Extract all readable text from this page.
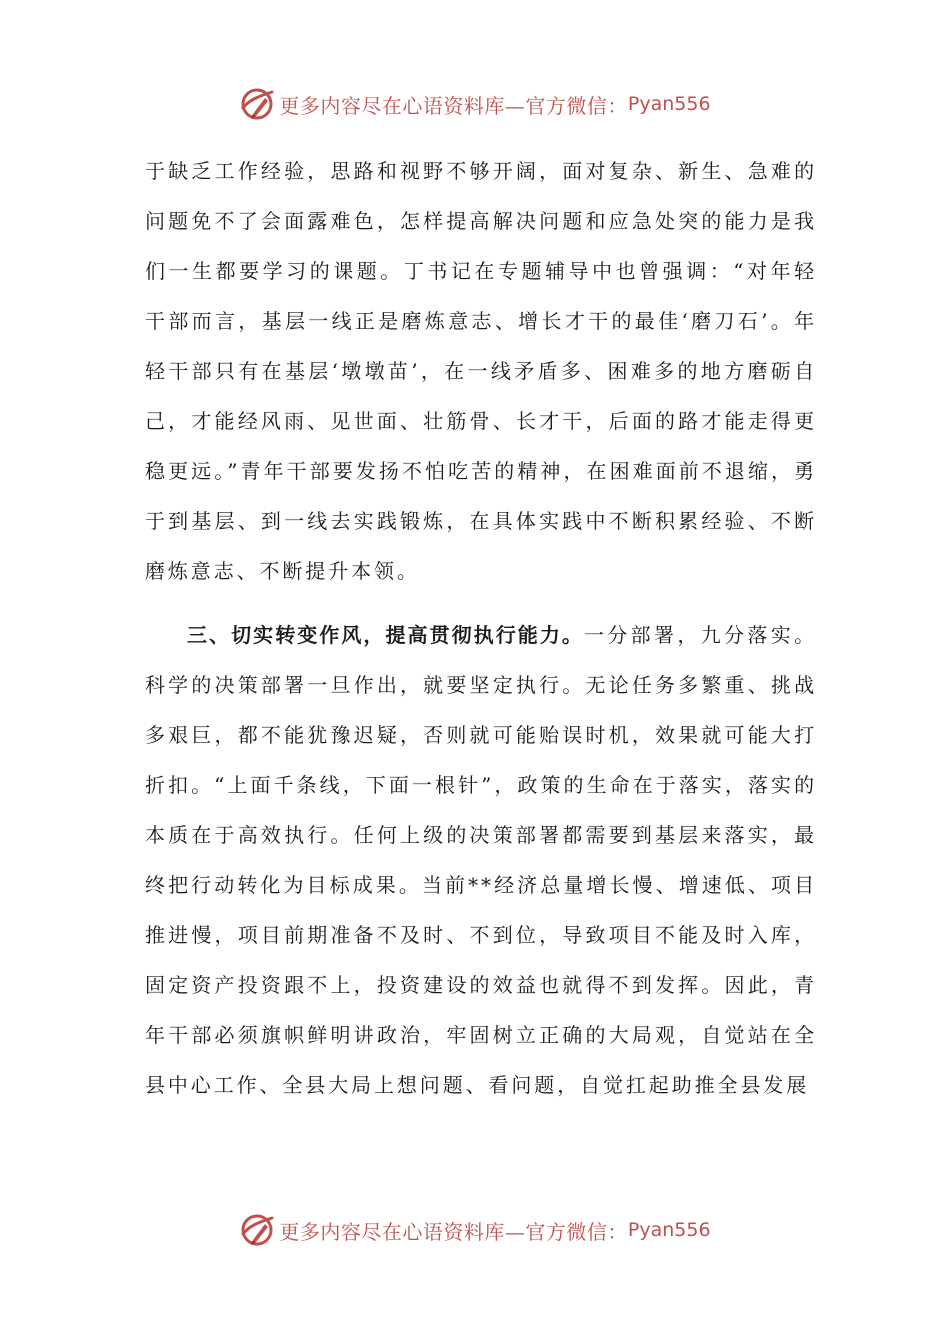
更多内容尽在心语资料库—官方微信： Pyan556

于缺乏工作经验，思路和视野不够开阔，面对复杂、新生、急难的问题免不了会面露难色，怎样提高解决问题和应急处突的能力是我们一生都要学习的课题。丁书记在专题辅导中也曾强调：“对年轻干部而言，基层一线正是磨炼意志、增长才干的最佳‘磨刀石’。年轻干部只有在基层‘墩墩苗’，在一线矛盾多、困难多的地方磨砺自己，才能经风雨、见世面、壮筋骨、长才干，后面的路才能走得更稳更远。”青年干部要发扬不怕吃苦的精神，在困难面前不退缩，勇于到基层、到一线去实践锻炼，在具体实践中不断积累经验、不断磨炼意志、不断提升本领。

三、切实转变作风，提高贯彻执行能力。一分部署，九分落实。科学的决策部署一旦作出，就要坚定执行。无论任务多繁重、挑战多艰巨，都不能犹豫迟疑，否则就可能贻误时机，效果就可能大打折扣。“上面千条线，下面一根针”，政策的生命在于落实，落实的本质在于高效执行。任何上级的决策部署都需要到基层来落实，最终把行动转化为目标成果。当前**经济总量增长慢、增速低、项目推进慢，项目前期准备不及时、不到位，导致项目不能及时入库，固定资产投资跟不上，投资建设的效益也就得不到发挥。因此，青年干部必须旗帜鲜明讲政治，牢固树立正确的大局观，自觉站在全县中心工作、全县大局上想问题、看问题，自觉扛起助推全县发展

更多内容尽在心语资料库—官方微信： Pyan556
